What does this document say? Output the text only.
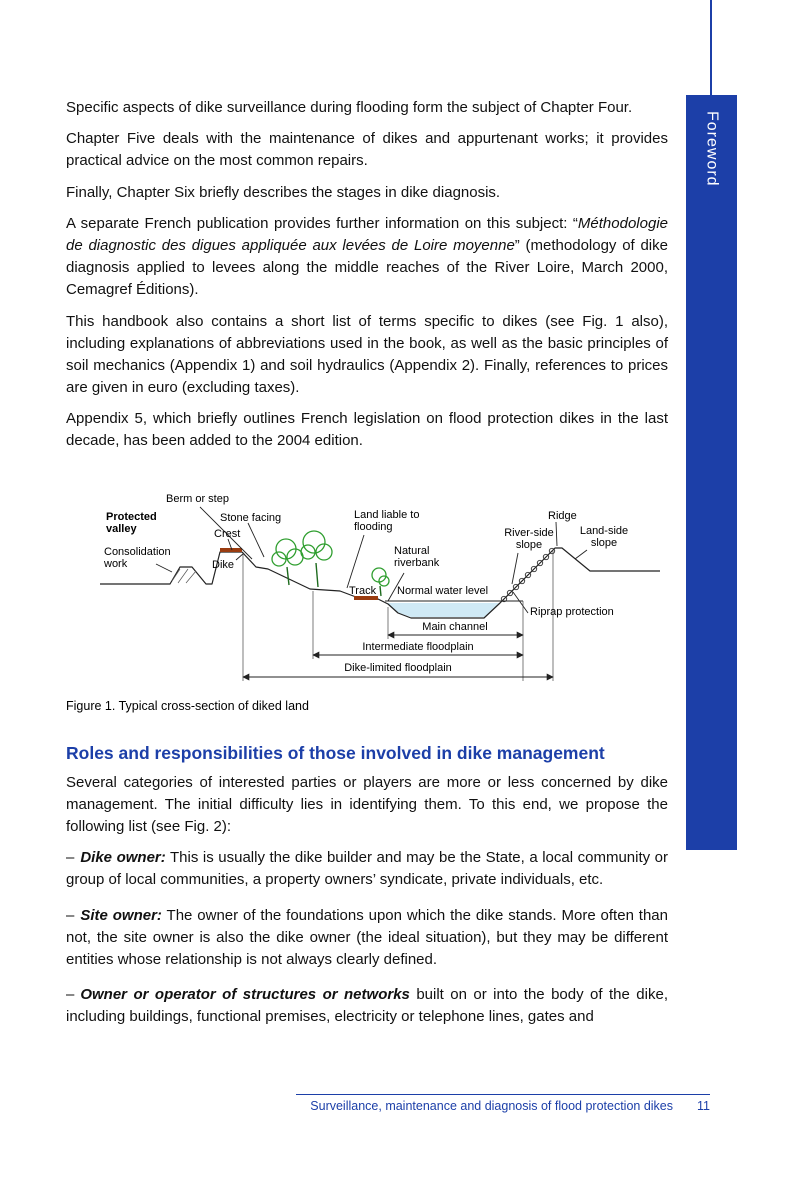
Foreword

Specific aspects of dike surveillance during flooding form the subject of Chapter Four.

Chapter Five deals with the maintenance of dikes and appurtenant works; it provides practical advice on the most common repairs.

Finally, Chapter Six briefly describes the stages in dike diagnosis.

A separate French publication provides further information on this subject: “Méthodologie de diagnostic des digues appliquée aux levées de Loire moyenne” (methodology of dike diagnosis applied to levees along the middle reaches of the River Loire, March 2000, Cemagref Éditions).

This handbook also contains a short list of terms specific to dikes (see Fig. 1 also), including explanations of abbreviations used in the book, as well as the basic principles of soil mechanics (Appendix 1) and soil hydraulics (Appendix 2). Finally, references to prices are given in euro (excluding taxes).

Appendix 5, which briefly outlines French legislation on flood protection dikes in the last decade, has been added to the 2004 edition.

Berm or step
Protected valley
Stone facing
Crest
Land liable to flooding
Ridge
River-side slope
Land-side slope
Consolidation work	Dike
Natural riverbank
Normal water level
Track
Riprap protection
Main channel
Intermediate floodplain
Dike-limited floodplain
Figure 1. Typical cross-section of diked land
Roles and responsibilities of those involved in dike management

Several categories of interested parties or players are more or less concerned by dike management. The initial difficulty lies in identifying them. To this end, we propose the following list (see Fig. 2):

– Dike owner: This is usually the dike builder and may be the State, a local community or group of local communities, a property owners’ syndicate, private individuals, etc.

– Site owner: The owner of the foundations upon which the dike stands. More often than not, the site owner is also the dike owner (the ideal situation), but they may be different entities whose relationship is not always clearly defined.

– Owner or operator of structures or networks built on or into the body of the dike, including buildings, functional premises, electricity or telephone lines, gates and

Surveillance, maintenance and diagnosis of flood protection dikes 11
